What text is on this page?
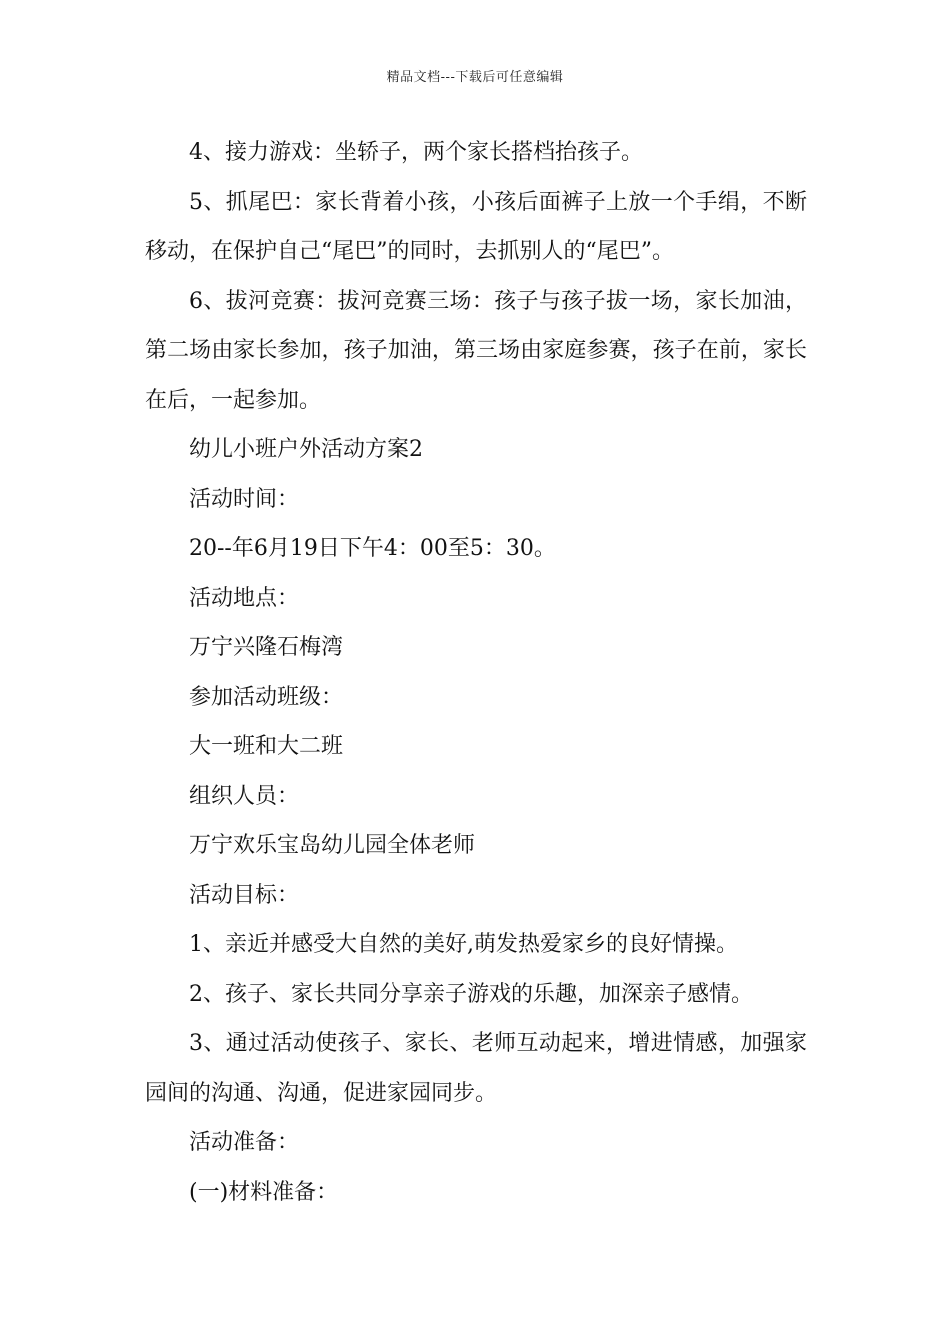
精品文档---下载后可任意编辑

4、接力游戏：坐轿子，两个家长搭档抬孩子。

5、抓尾巴：家长背着小孩，小孩后面裤子上放一个手绢，不断移动，在保护自己“尾巴”的同时，去抓别人的“尾巴”。

6、拔河竞赛：拔河竞赛三场：孩子与孩子拔一场，家长加油，第二场由家长参加，孩子加油，第三场由家庭参赛，孩子在前，家长在后，一起参加。

幼儿小班户外活动方案2

活动时间：

20--年6月19日下午4：00至5：30。

活动地点：

万宁兴隆石梅湾

参加活动班级：

大一班和大二班

组织人员：

万宁欢乐宝岛幼儿园全体老师

活动目标：

1、亲近并感受大自然的美好,萌发热爱家乡的良好情操。

2、孩子、家长共同分享亲子游戏的乐趣，加深亲子感情。

3、通过活动使孩子、家长、老师互动起来，增进情感，加强家园间的沟通、沟通，促进家园同步。

活动准备：

(一)材料准备：
